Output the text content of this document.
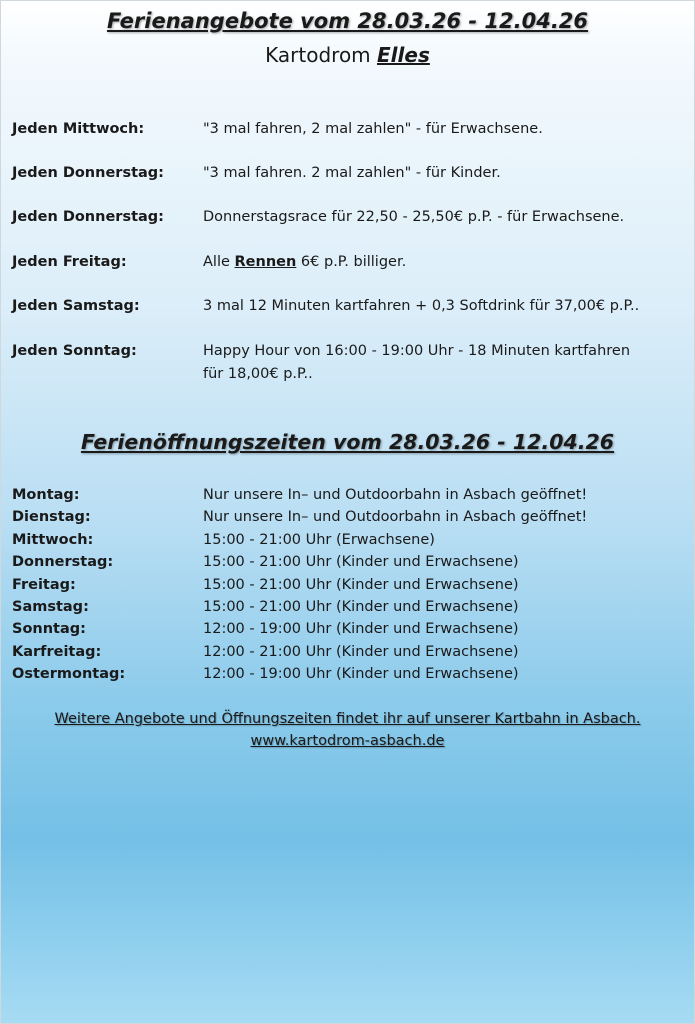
Ferienangebote vom 28.03.26 - 12.04.26
Kartodrom Elles
Jeden Mittwoch:	"3 mal fahren, 2 mal zahlen" - für Erwachsene.
Jeden Donnerstag:	"3 mal fahren. 2 mal zahlen" - für Kinder.
Jeden Donnerstag:	Donnerstagsrace für 22,50 - 25,50€ p.P. - für Erwachsene.
Jeden Freitag:	Alle Rennen 6€ p.P. billiger.
Jeden Samstag:	3 mal 12 Minuten kartfahren + 0,3 Softdrink für 37,00€ p.P..
Jeden Sonntag:	Happy Hour von 16:00 - 19:00 Uhr - 18 Minuten kartfahren
für 18,00€ p.P..
Ferienöffnungszeiten vom 28.03.26 - 12.04.26
Montag:	Nur unsere In– und Outdoorbahn in Asbach geöffnet!
Dienstag:	Nur unsere In– und Outdoorbahn in Asbach geöffnet!
Mittwoch:	15:00 - 21:00 Uhr (Erwachsene)
Donnerstag:	15:00 - 21:00 Uhr (Kinder und Erwachsene)
Freitag:	15:00 - 21:00 Uhr (Kinder und Erwachsene)
Samstag:	15:00 - 21:00 Uhr (Kinder und Erwachsene)
Sonntag:	12:00 - 19:00 Uhr (Kinder und Erwachsene)
Karfreitag:	12:00 - 21:00 Uhr (Kinder und Erwachsene)
Ostermontag:	12:00 - 19:00 Uhr (Kinder und Erwachsene)
Weitere Angebote und Öffnungszeiten findet ihr auf unserer Kartbahn in Asbach.
www.kartodrom-asbach.de
